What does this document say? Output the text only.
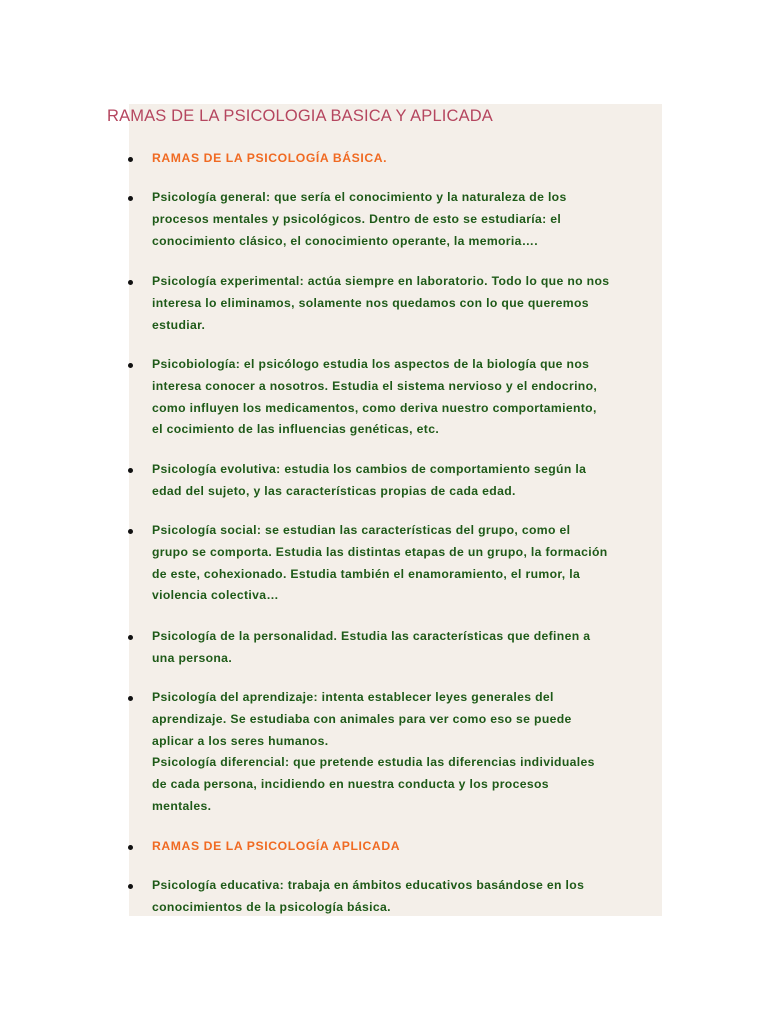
RAMAS DE LA PSICOLOGIA BASICA Y APLICADA
RAMAS DE LA PSICOLOGÍA BÁSICA.
Psicología general: que sería el conocimiento y la naturaleza de los
procesos mentales y psicológicos. Dentro de esto se estudiaría: el
conocimiento clásico, el conocimiento operante, la memoria….
Psicología experimental: actúa siempre en laboratorio. Todo lo que no nos
interesa lo eliminamos, solamente nos quedamos con lo que queremos
estudiar.
Psicobiología: el psicólogo estudia los aspectos de la biología que nos
interesa conocer a nosotros. Estudia el sistema nervioso y el endocrino,
como influyen los medicamentos, como deriva nuestro comportamiento,
el cocimiento de las influencias genéticas, etc.
Psicología evolutiva: estudia los cambios de comportamiento según la
edad del sujeto, y las características propias de cada edad.
Psicología social: se estudian las características del grupo, como el
grupo se comporta. Estudia las distintas etapas de un grupo, la formación
de este, cohexionado. Estudia también el enamoramiento, el rumor, la
violencia colectiva…
Psicología de la personalidad. Estudia las características que definen a
una persona.
Psicología del aprendizaje: intenta establecer leyes generales del
aprendizaje. Se estudiaba con animales para ver como eso se puede
aplicar a los seres humanos.
Psicología diferencial: que pretende estudia las diferencias individuales
de cada persona, incidiendo en nuestra conducta y los procesos
mentales.
RAMAS DE LA PSICOLOGÍA APLICADA
Psicología educativa: trabaja en ámbitos educativos basándose en los
conocimientos de la psicología básica.
